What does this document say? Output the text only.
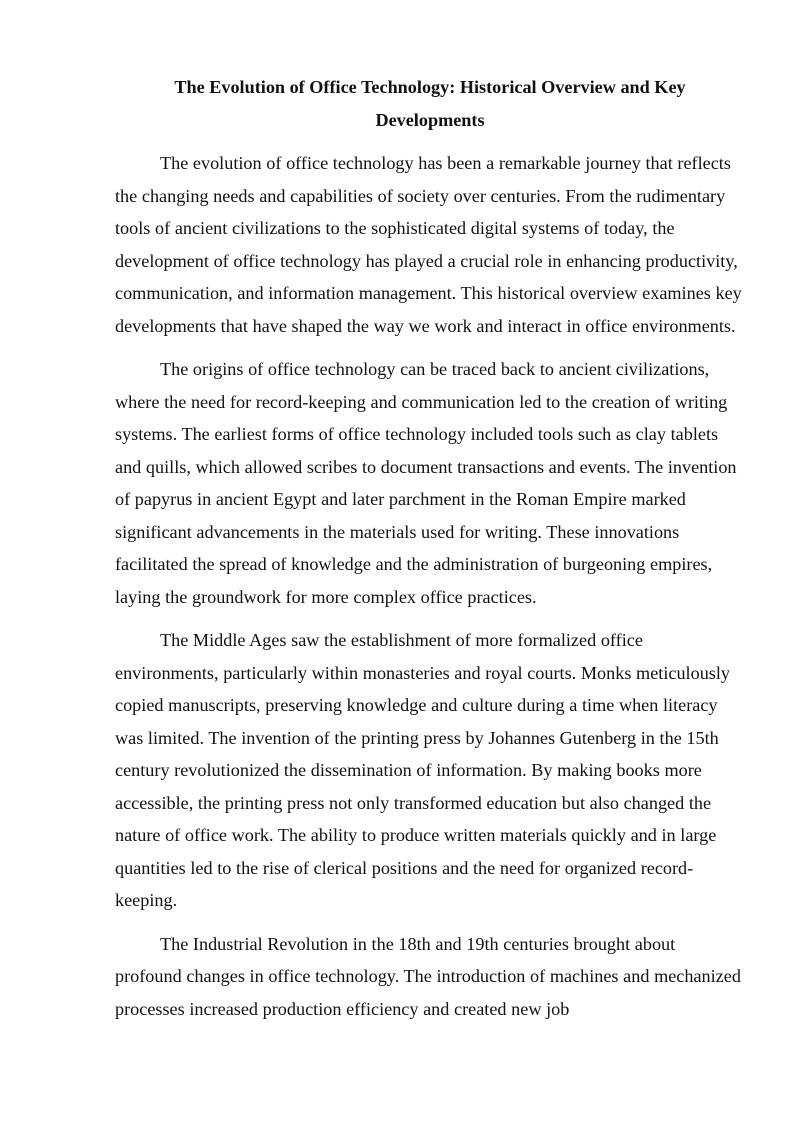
The Evolution of Office Technology: Historical Overview and Key Developments

The evolution of office technology has been a remarkable journey that reflects the changing needs and capabilities of society over centuries. From the rudimentary tools of ancient civilizations to the sophisticated digital systems of today, the development of office technology has played a crucial role in enhancing productivity, communication, and information management. This historical overview examines key developments that have shaped the way we work and interact in office environments.

The origins of office technology can be traced back to ancient civilizations, where the need for record-keeping and communication led to the creation of writing systems. The earliest forms of office technology included tools such as clay tablets and quills, which allowed scribes to document transactions and events. The invention of papyrus in ancient Egypt and later parchment in the Roman Empire marked significant advancements in the materials used for writing. These innovations facilitated the spread of knowledge and the administration of burgeoning empires, laying the groundwork for more complex office practices.

The Middle Ages saw the establishment of more formalized office environments, particularly within monasteries and royal courts. Monks meticulously copied manuscripts, preserving knowledge and culture during a time when literacy was limited. The invention of the printing press by Johannes Gutenberg in the 15th century revolutionized the dissemination of information. By making books more accessible, the printing press not only transformed education but also changed the nature of office work. The ability to produce written materials quickly and in large quantities led to the rise of clerical positions and the need for organized record-keeping.

The Industrial Revolution in the 18th and 19th centuries brought about profound changes in office technology. The introduction of machines and mechanized processes increased production efficiency and created new job
